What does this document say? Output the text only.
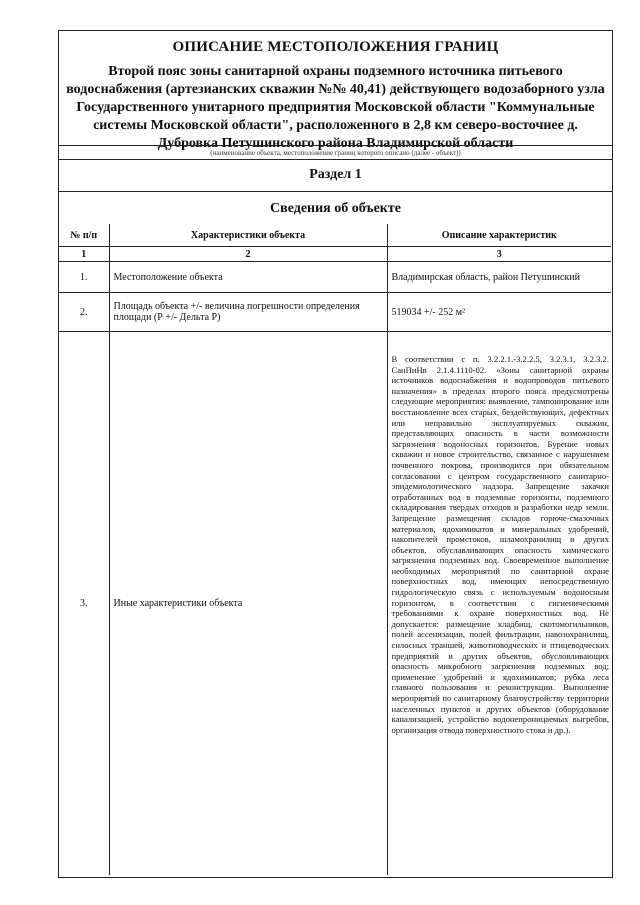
ОПИСАНИЕ МЕСТОПОЛОЖЕНИЯ ГРАНИЦ
Второй пояс зоны санитарной охраны подземного источника питьевого водоснабжения (артезианских скважин №№ 40,41) действующего водозаборного узла Государственного унитарного предприятия Московской области "Коммунальные системы Московской области", расположенного в 2,8 км северо-восточнее д. Дубровка Петушинского района Владимирской области
(наименование объекта, местоположение границ которого описано (далее - объект))
Раздел 1
Сведения об объекте
№ п/п	Характеристики объекта	Описание характеристик
1	2	3
1.	Местоположение объекта	Владимирская область, район Петушинский
2.	Площадь объекта +/- величина погрешности определения площади (Р +/- Дельта Р)	519034 +/- 252 м²
3.	Иные характеристики объекта	В соответствии с п. 3.2.2.1.-3.2.2.5, 3.2.3.1, 3.2.3.2. СанПиНв 2.1.4.1110-02. «Зоны санитарной охраны источников водоснабжения и водопроводов питьевого назначения» в пределах второго пояса предусмотрены следующие мероприятия: выявление, тампонирование или восстановление всех старых, бездействующих, дефектных или неправильно эксплуатируемых скважин, представляющих опасность в части возможности загрязнения водоносных горизонтов. Бурение новых скважин и новое строительство, связанное с нарушением почвенного покрова, производится при обязательном согласовании с центром государственного санитарно-эпидемиологического надзора. Запрещение закачки отработанных вод в подземные горизонты, подземного складирования твердых отходов и разработки недр земли. Запрещение размещения складов горюче-смазочных материалов, ядохимикатов и минеральных удобрений, накопителей промстоков, шламохранилищ и других объектов, обуславливающих опасность химического загрязнения подземных вод. Своевременное выполнение необходимых мероприятий по санитарной охране поверхностных вод, имеющих непосредственную гидрологическую связь с используемым водоносным горизонтом, в соответствии с гигиеническими требованиями к охране поверхностных вод. Не допускается: размещение кладбищ, скотомогильников, полей ассенизации, полей фильтрации, навозохранилищ, силосных траншей, животноводческих и птицеводческих предприятий и других объектов, обусловливающих опасность микробного загрязнения подземных вод; применение удобрений и ядохимикатов; рубка леса главного пользования и реконструкции. Выполнение мероприятий по санитарному благоустройству территории населенных пунктов и других объектов (оборудование канализацией, устройство водонепроницаемых выгребов, организация отвода поверхностного стока и др.).
